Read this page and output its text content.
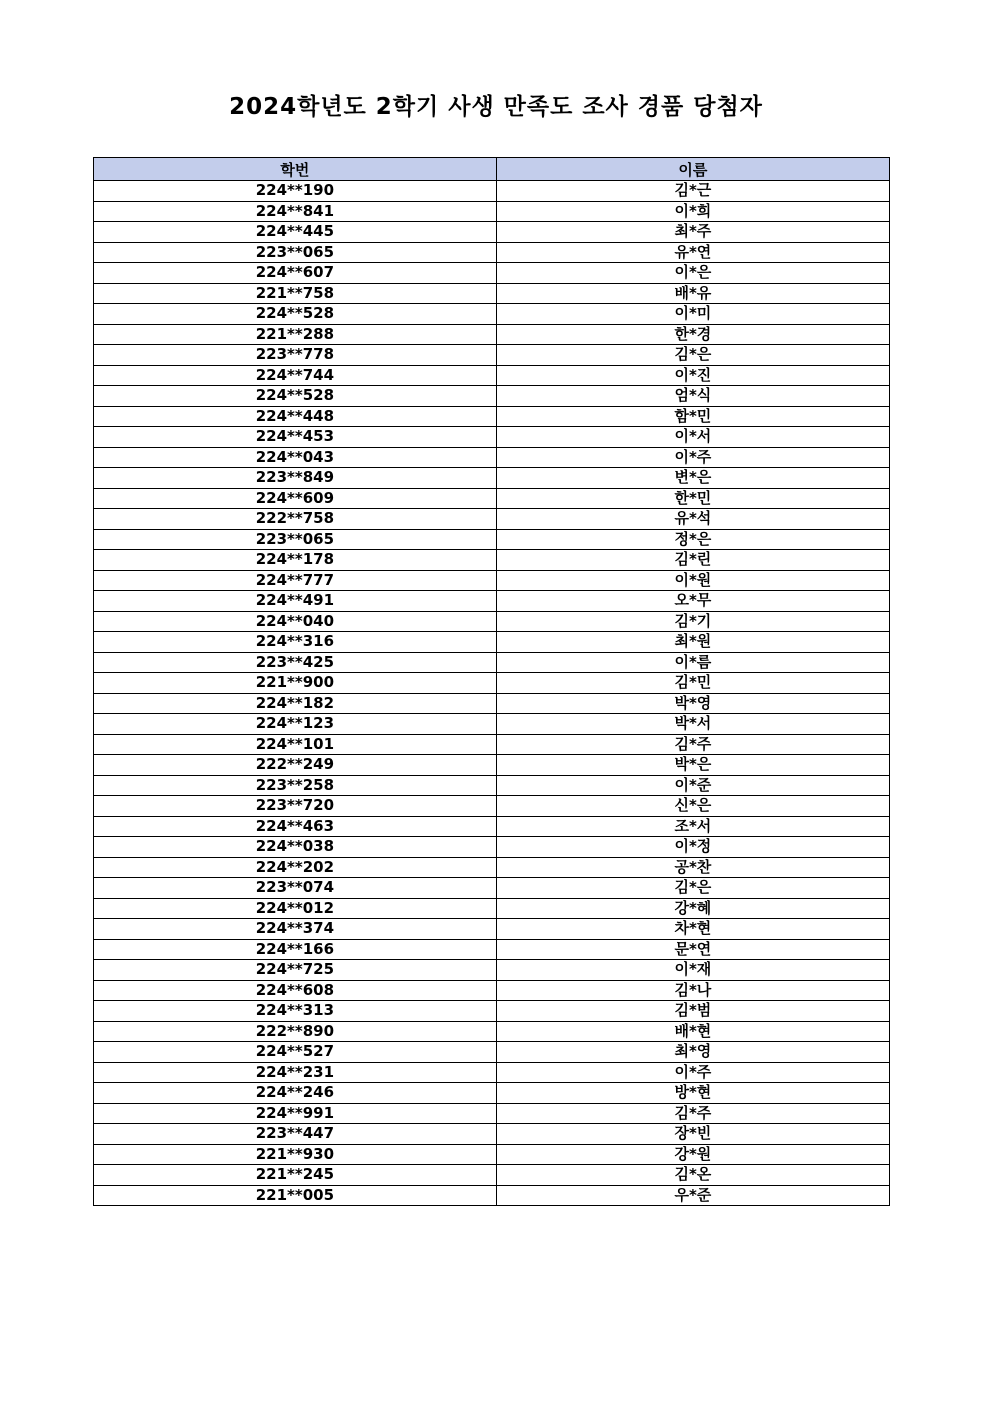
2024학년도 2학기 사생 만족도 조사 경품 당첨자
학번	이름
224**190	김*근
224**841	이*희
224**445	최*주
223**065	유*연
224**607	이*은
221**758	배*유
224**528	이*미
221**288	한*경
223**778	김*은
224**744	이*진
224**528	엄*식
224**448	함*민
224**453	이*서
224**043	이*주
223**849	변*은
224**609	한*민
222**758	유*석
223**065	정*은
224**178	김*린
224**777	이*원
224**491	오*무
224**040	김*기
224**316	최*원
223**425	이*름
221**900	김*민
224**182	박*영
224**123	박*서
224**101	김*주
222**249	박*은
223**258	이*준
223**720	신*은
224**463	조*서
224**038	이*정
224**202	공*찬
223**074	김*은
224**012	강*혜
224**374	차*현
224**166	문*연
224**725	이*재
224**608	김*나
224**313	김*범
222**890	배*현
224**527	최*영
224**231	이*주
224**246	방*현
224**991	김*주
223**447	장*빈
221**930	강*원
221**245	김*온
221**005	우*준
